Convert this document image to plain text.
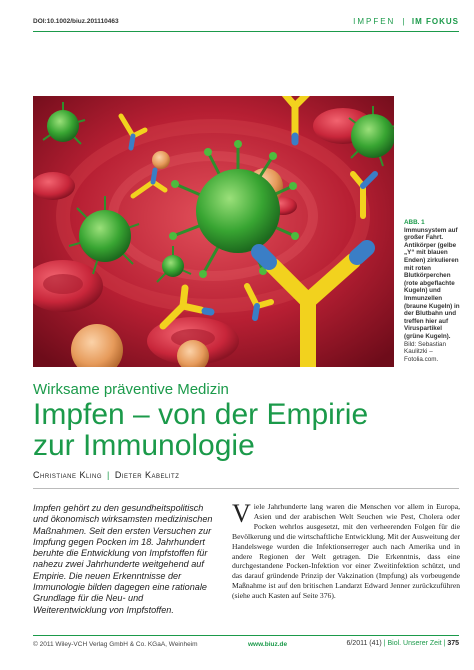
DOI:10.1002/biuz.201110463	IMPFEN | IM FOKUS
ABB. 1 Immunsystem auf großer Fahrt. Antikörper (gelbe „Y“ mit blauen Enden) zirkulieren mit roten Blutkörperchen (rote abgeflachte Kugeln) und Immunzellen (braune Kugeln) in der Blutbahn und treffen hier auf Viruspartikel (grüne Kugeln). Bild: Sebastian Kaulitzki – Fotolia.com.
Wirksame präventive Medizin
Impfen – von der Empirie
zur Immunologie
Christiane Kling | Dieter Kabelitz
Impfen gehört zu den gesundheitspolitisch und ökonomisch wirksamsten medizinischen Maßnahmen. Seit den ersten Versuchen zur Impfung gegen Pocken im 18. Jahrhundert beruhte die Entwicklung von Impfstoffen für nahezu zwei Jahrhunderte weitgehend auf Empirie. Die neuen Erkenntnisse der Immunologie bilden dagegen eine rationale Grundlage für die Neu- und Weiterentwicklung von Impfstoffen.
Viele Jahrhunderte lang waren die Menschen vor allem in Europa, Asien und der arabischen Welt Seuchen wie Pest, Cholera oder Pocken wehrlos ausgesetzt, mit den verheerenden Folgen für die Bevölkerung und die wirtschaftliche Entwicklung. Mit der Ausweitung der Handelswege wurden die Infektionserreger auch nach Amerika und in andere Regionen der Welt getragen. Die Erkenntnis, dass eine durchgestandene Pocken-Infektion vor einer Zweitinfektion schützt, und das darauf gründende Prinzip der Vakzination (Impfung) als vorbeugende Maßnahme ist auf den britischen Landarzt Edward Jenner zurückzuführen (siehe auch Kasten auf Seite 376).
© 2011 Wiley-VCH Verlag GmbH & Co. KGaA, Weinheim	www.biuz.de	6/2011 (41) | Biol. Unserer Zeit | 375
